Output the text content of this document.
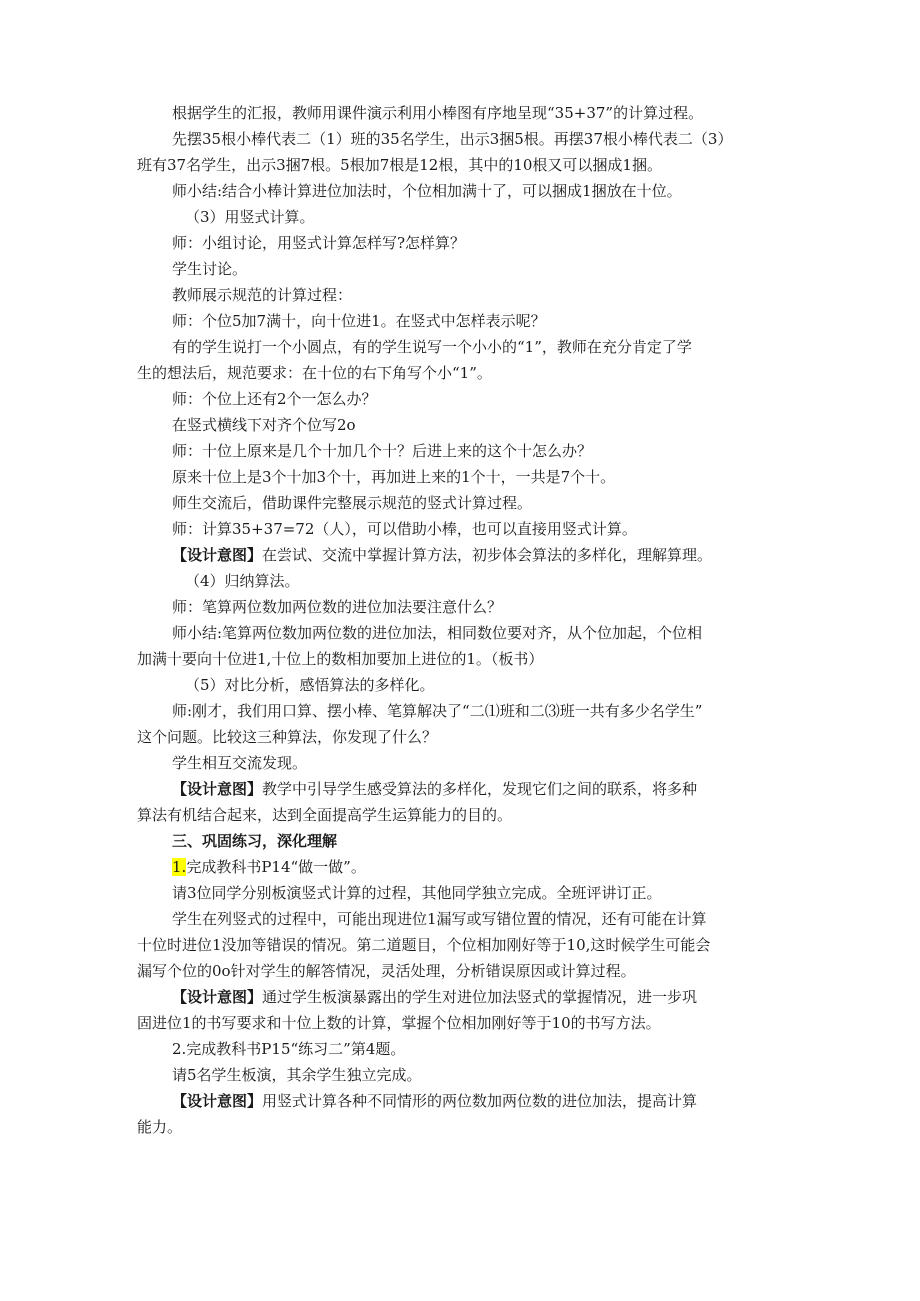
根据学生的汇报，教师用课件演示利用小棒图有序地呈现“35+37”的计算过程。
先摆35根小棒代表二（1）班的35名学生，出示3捆5根。再摆37根小棒代表二（3）
班有37名学生，出示3捆7根。5根加7根是12根，其中的10根又可以捆成1捆。
师小结:结合小棒计算进位加法时，个位相加满十了，可以捆成1捆放在十位。
（3）用竖式计算。
师：小组讨论，用竖式计算怎样写?怎样算？
学生讨论。
教师展示规范的计算过程：
师：个位5加7满十，向十位进1。在竖式中怎样表示呢？
有的学生说打一个小圆点，有的学生说写一个小小的“1”，教师在充分肯定了学
生的想法后，规范要求：在十位的右下角写个小“1”。
师：个位上还有2个一怎么办？
在竖式横线下对齐个位写2o
师：十位上原来是几个十加几个十？后进上来的这个十怎么办？
原来十位上是3个十加3个十，再加进上来的1个十，一共是7个十。
师生交流后，借助课件完整展示规范的竖式计算过程。
师：计算35+37=72（人），可以借助小棒，也可以直接用竖式计算。
【设计意图】在尝试、交流中掌握计算方法，初步体会算法的多样化，理解算理。
（4）归纳算法。
师：笔算两位数加两位数的进位加法要注意什么？
师小结:笔算两位数加两位数的进位加法，相同数位要对齐，从个位加起，个位相
加满十要向十位进1,十位上的数相加要加上进位的1。（板书）
（5）对比分析，感悟算法的多样化。
师:刚才，我们用口算、摆小棒、笔算解决了“二⑴班和二⑶班一共有多少名学生”
这个问题。比较这三种算法，你发现了什么？
学生相互交流发现。
【设计意图】教学中引导学生感受算法的多样化，发现它们之间的联系，将多种
算法有机结合起来，达到全面提高学生运算能力的目的。
三、巩固练习，深化理解
1.完成教科书P14“做一做”。
请3位同学分别板演竖式计算的过程，其他同学独立完成。全班评讲订正。
学生在列竖式的过程中，可能出现进位1漏写或写错位置的情况，还有可能在计算
十位时进位1没加等错误的情况。第二道题目，个位相加刚好等于10,这时候学生可能会
漏写个位的0o针对学生的解答情况，灵活处理，分析错误原因或计算过程。
【设计意图】通过学生板演暴露出的学生对进位加法竖式的掌握情况，进一步巩
固进位1的书写要求和十位上数的计算，掌握个位相加刚好等于10的书写方法。
2.完成教科书P15“练习二”第4题。
请5名学生板演，其余学生独立完成。
【设计意图】用竖式计算各种不同情形的两位数加两位数的进位加法，提高计算
能力。
